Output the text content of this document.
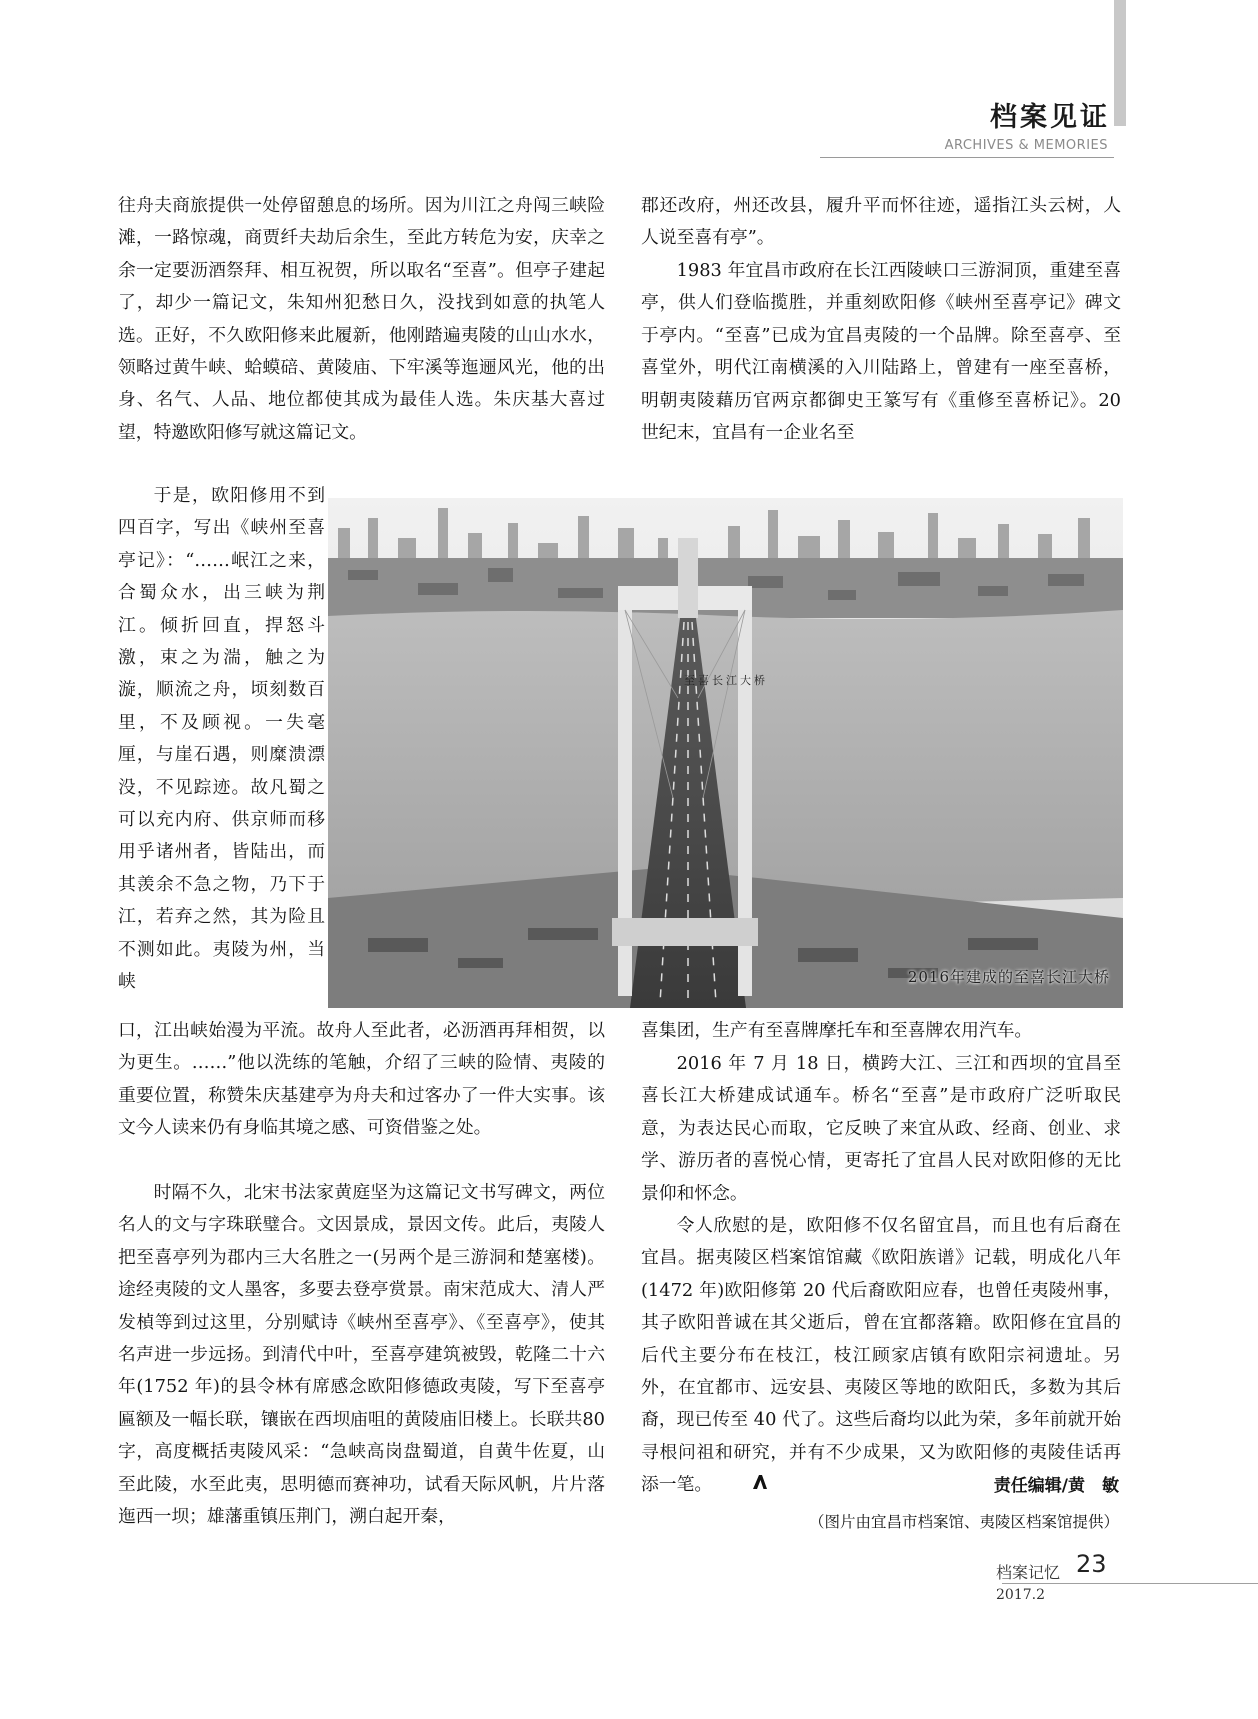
档案见证
ARCHIVES & MEMORIES

往舟夫商旅提供一处停留憩息的场所。因为川江之舟闯三峡险滩，一路惊魂，商贾纤夫劫后余生，至此方转危为安，庆幸之余一定要沥酒祭拜、相互祝贺，所以取名“至喜”。但亭子建起了，却少一篇记文，朱知州犯愁日久，没找到如意的执笔人选。正好，不久欧阳修来此履新，他刚踏遍夷陵的山山水水，领略过黄牛峡、蛤蟆碚、黄陵庙、下牢溪等迤逦风光，他的出身、名气、人品、地位都使其成为最佳人选。朱庆基大喜过望，特邀欧阳修写就这篇记文。

于是，欧阳修用不到四百字，写出《峡州至喜亭记》：“……岷江之来，合蜀众水，出三峡为荆江。倾折回直，捍怒斗激，束之为湍，触之为漩，顺流之舟，顷刻数百里，不及顾视。一失毫厘，与崖石遇，则糜溃漂没，不见踪迹。故凡蜀之可以充内府、供京师而移用乎诸州者，皆陆出，而其羡余不急之物，乃下于江，若弃之然，其为险且不测如此。夷陵为州，当峡

口，江出峡始漫为平流。故舟人至此者，必沥酒再拜相贺，以为更生。……”他以洗练的笔触，介绍了三峡的险情、夷陵的重要位置，称赞朱庆基建亭为舟夫和过客办了一件大实事。该文今人读来仍有身临其境之感、可资借鉴之处。

时隔不久，北宋书法家黄庭坚为这篇记文书写碑文，两位名人的文与字珠联璧合。文因景成，景因文传。此后，夷陵人把至喜亭列为郡内三大名胜之一(另两个是三游洞和楚塞楼)。途经夷陵的文人墨客，多要去登亭赏景。南宋范成大、清人严发楨等到过这里，分别赋诗《峡州至喜亭》、《至喜亭》，使其名声进一步远扬。到清代中叶，至喜亭建筑被毁，乾隆二十六年(1752 年)的县令林有席感念欧阳修德政夷陵，写下至喜亭匾额及一幅长联，镶嵌在西坝庙咀的黄陵庙旧楼上。长联共80 字，高度概括夷陵风采：“急峡高岗盘蜀道，自黄牛佐夏，山至此陵，水至此夷，思明德而赛神功，试看天际风帆，片片落迤西一坝；雄藩重镇压荆门，溯白起开秦，

郡还改府，州还改县，履升平而怀往迹，遥指江头云树，人人说至喜有亭”。

1983 年宜昌市政府在长江西陵峡口三游洞顶，重建至喜亭，供人们登临揽胜，并重刻欧阳修《峡州至喜亭记》碑文于亭内。“至喜”已成为宜昌夷陵的一个品牌。除至喜亭、至喜堂外，明代江南横溪的入川陆路上，曾建有一座至喜桥，明朝夷陵藉历官两京都御史王篆写有《重修至喜桥记》。20 世纪末，宜昌有一企业名至

喜集团，生产有至喜牌摩托车和至喜牌农用汽车。

2016 年 7 月 18 日，横跨大江、三江和西坝的宜昌至喜长江大桥建成试通车。桥名“至喜”是市政府广泛听取民意，为表达民心而取，它反映了来宜从政、经商、创业、求学、游历者的喜悦心情，更寄托了宜昌人民对欧阳修的无比景仰和怀念。

令人欣慰的是，欧阳修不仅名留宜昌，而且也有后裔在宜昌。据夷陵区档案馆馆藏《欧阳族谱》记载，明成化八年(1472 年)欧阳修第 20 代后裔欧阳应春，也曾任夷陵州事，其子欧阳普诚在其父逝后，曾在宜都落籍。欧阳修在宜昌的后代主要分布在枝江，枝江顾家店镇有欧阳宗祠遗址。另外，在宜都市、远安县、夷陵区等地的欧阳氏，多数为其后裔，现已传至 40 代了。这些后裔均以此为荣，多年前就开始寻根问祖和研究，并有不少成果，又为欧阳修的夷陵佳话再添一笔。	责任编辑/黄　敏
（图片由宜昌市档案馆、夷陵区档案馆提供）
至喜长江大桥
2016年建成的至喜长江大桥
档案记忆 23
2017.2
